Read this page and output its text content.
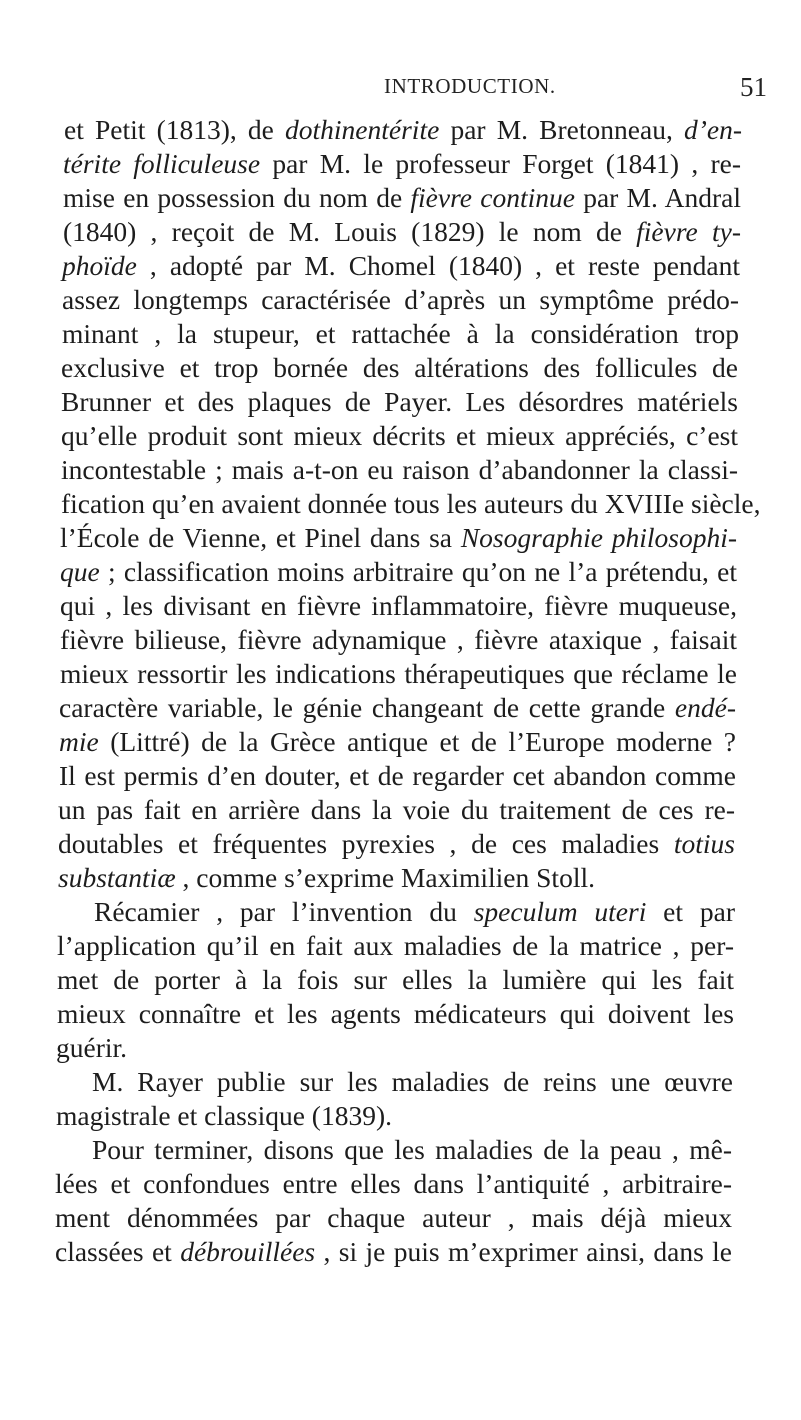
INTRODUCTION.	51
et Petit (1813), de dothinentérite par M. Bretonneau, d’en-
térite folliculeuse par M. le professeur Forget (1841) , re-
mise en possession du nom de fièvre continue par M. Andral
(1840) , reçoit de M. Louis (1829) le nom de fièvre ty-
phoïde , adopté par M. Chomel (1840) , et reste pendant
assez longtemps caractérisée d’après un symptôme prédo-
minant , la stupeur, et rattachée à la considération trop
exclusive et trop bornée des altérations des follicules de
Brunner et des plaques de Payer. Les désordres matériels
qu’elle produit sont mieux décrits et mieux appréciés, c’est
incontestable ; mais a-t-on eu raison d’abandonner la classi-
fication qu’en avaient donnée tous les auteurs du XVIIIe siècle,
l’École de Vienne, et Pinel dans sa Nosographie philosophi-
que ; classification moins arbitraire qu’on ne l’a prétendu, et
qui , les divisant en fièvre inflammatoire, fièvre muqueuse,
fièvre bilieuse, fièvre adynamique , fièvre ataxique , faisait
mieux ressortir les indications thérapeutiques que réclame le
caractère variable, le génie changeant de cette grande endé-
mie (Littré) de la Grèce antique et de l’Europe moderne ?
Il est permis d’en douter, et de regarder cet abandon comme
un pas fait en arrière dans la voie du traitement de ces re-
doutables et fréquentes pyrexies , de ces maladies totius
substantiæ , comme s’exprime Maximilien Stoll.
Récamier , par l’invention du speculum uteri et par
l’application qu’il en fait aux maladies de la matrice , per-
met de porter à la fois sur elles la lumière qui les fait
mieux connaître et les agents médicateurs qui doivent les
guérir.
M. Rayer publie sur les maladies de reins une œuvre
magistrale et classique (1839).
Pour terminer, disons que les maladies de la peau , mê-
lées et confondues entre elles dans l’antiquité , arbitraire-
ment dénommées par chaque auteur , mais déjà mieux
classées et débrouillées , si je puis m’exprimer ainsi, dans le
